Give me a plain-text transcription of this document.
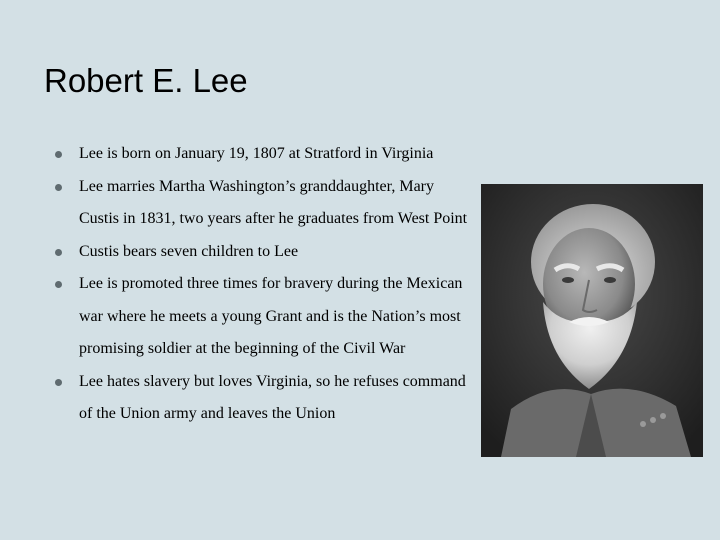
Robert E. Lee
Lee is born on January 19, 1807 at Stratford in Virginia
Lee marries Martha Washington’s granddaughter, Mary Custis in 1831, two years after he graduates from West Point
Custis bears seven children to Lee
Lee is promoted three times for bravery during the Mexican war where he meets a young Grant and is the Nation’s most promising soldier at the beginning of the Civil War
Lee hates slavery but loves Virginia, so he refuses command of the Union army and leaves the Union
